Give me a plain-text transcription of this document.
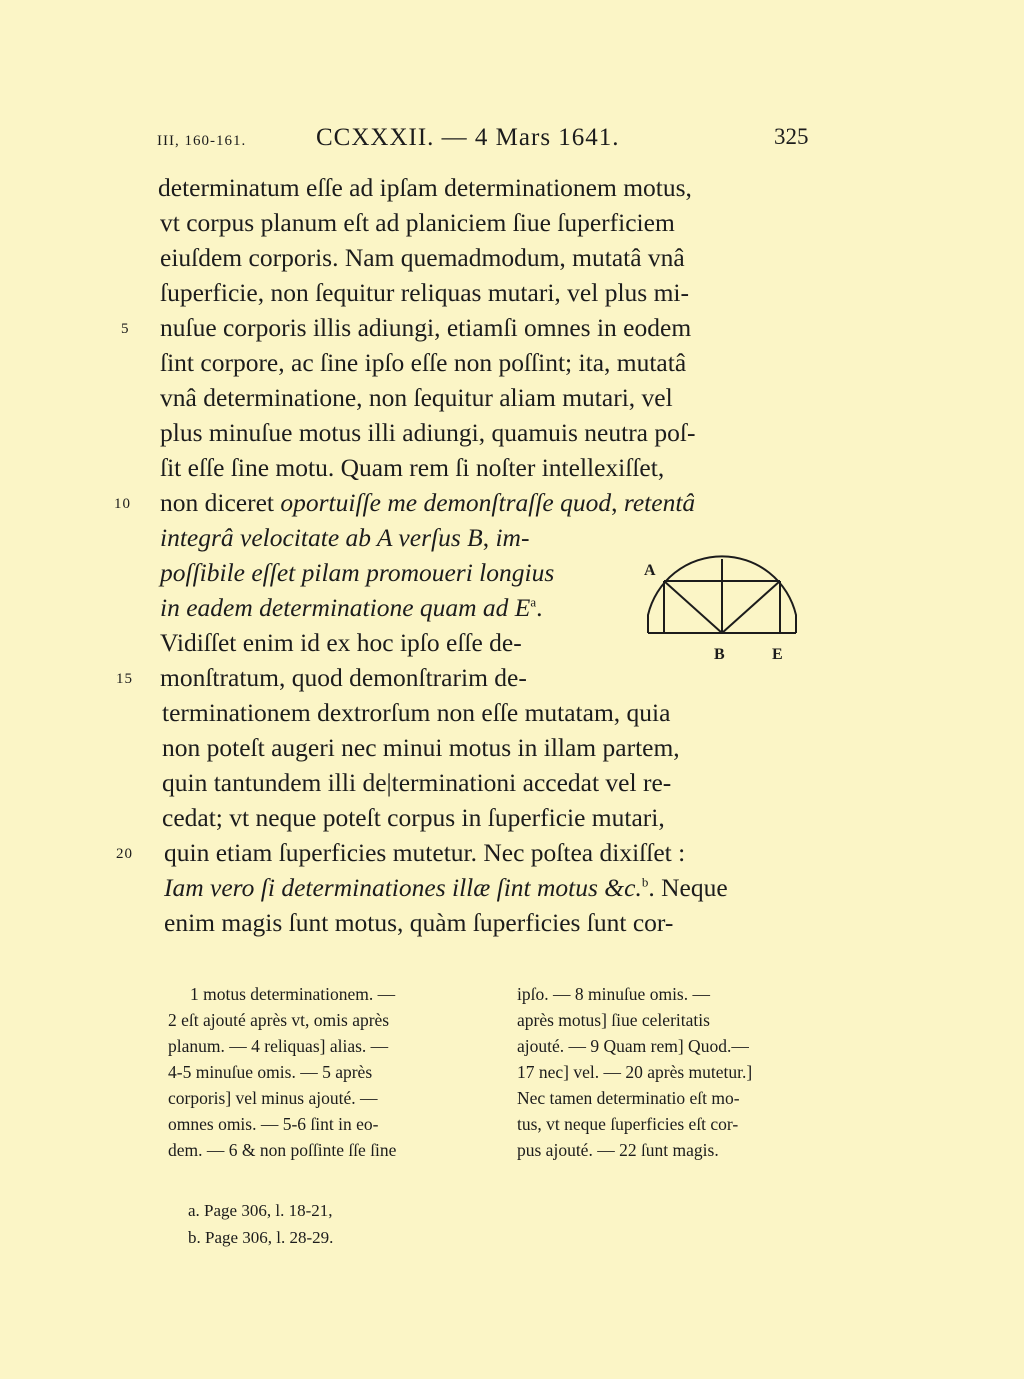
III, 160-161.	CCXXXII. — 4 Mars 1641.	325
determinatum eſſe ad ipſam determinationem motus,
vt corpus planum eſt ad planiciem ſiue ſuperficiem
eiuſdem corporis. Nam quemadmodum, mutatâ vnâ
ſuperficie, non ſequitur reliquas mutari, vel plus mi-
nuſue corporis illis adiungi, etiamſi omnes in eodem
ſint corpore, ac ſine ipſo eſſe non poſſint; ita, mutatâ
vnâ determinatione, non ſequitur aliam mutari, vel
plus minuſue motus illi adiungi, quamuis neutra poſ-
ſit eſſe ſine motu. Quam rem ſi noſter intellexiſſet,
non diceret oportuiſſe me demonſtraſſe quod, retentâ
integrâ velocitate ab A verſus B, im-
poſſibile eſſet pilam promoueri longius
in eadem determinatione quam ad $E^a$.
Vidiſſet enim id ex hoc ipſo eſſe de-
monſtratum, quod demonſtrarim de-
terminationem dextrorſum non eſſe mutatam, quia
non poteſt augeri nec minui motus in illam partem,
quin tantundem illi de|terminationi accedat vel re-
cedat; vt neque poteſt corpus in ſuperficie mutari,
quin etiam ſuperficies mutetur. Nec poſtea dixiſſet :
Iam vero ſi determinationes illæ ſint motus &c.$^b$. Neque
enim magis ſunt motus, quàm ſuperficies ſunt cor-
5
10
15
20
A
B	E
1 motus determinationem. —
2 eſt ajouté après vt, omis après
planum. — 4 reliquas] alias. —
4-5 minuſue omis. — 5 après
corporis] vel minus ajouté. —
omnes omis. — 5-6 ſint in eo-
dem. — 6 & non poſſinte ſſe ſine
ipſo. — 8 minuſue omis. —
après motus] ſiue celeritatis
ajouté. — 9 Quam rem] Quod.—
17 nec] vel. — 20 après mutetur.]
Nec tamen determinatio eſt mo-
tus, vt neque ſuperficies eſt cor-
pus ajouté. — 22 ſunt magis.
a. Page 306, l. 18-21,
b. Page 306, l. 28-29.
